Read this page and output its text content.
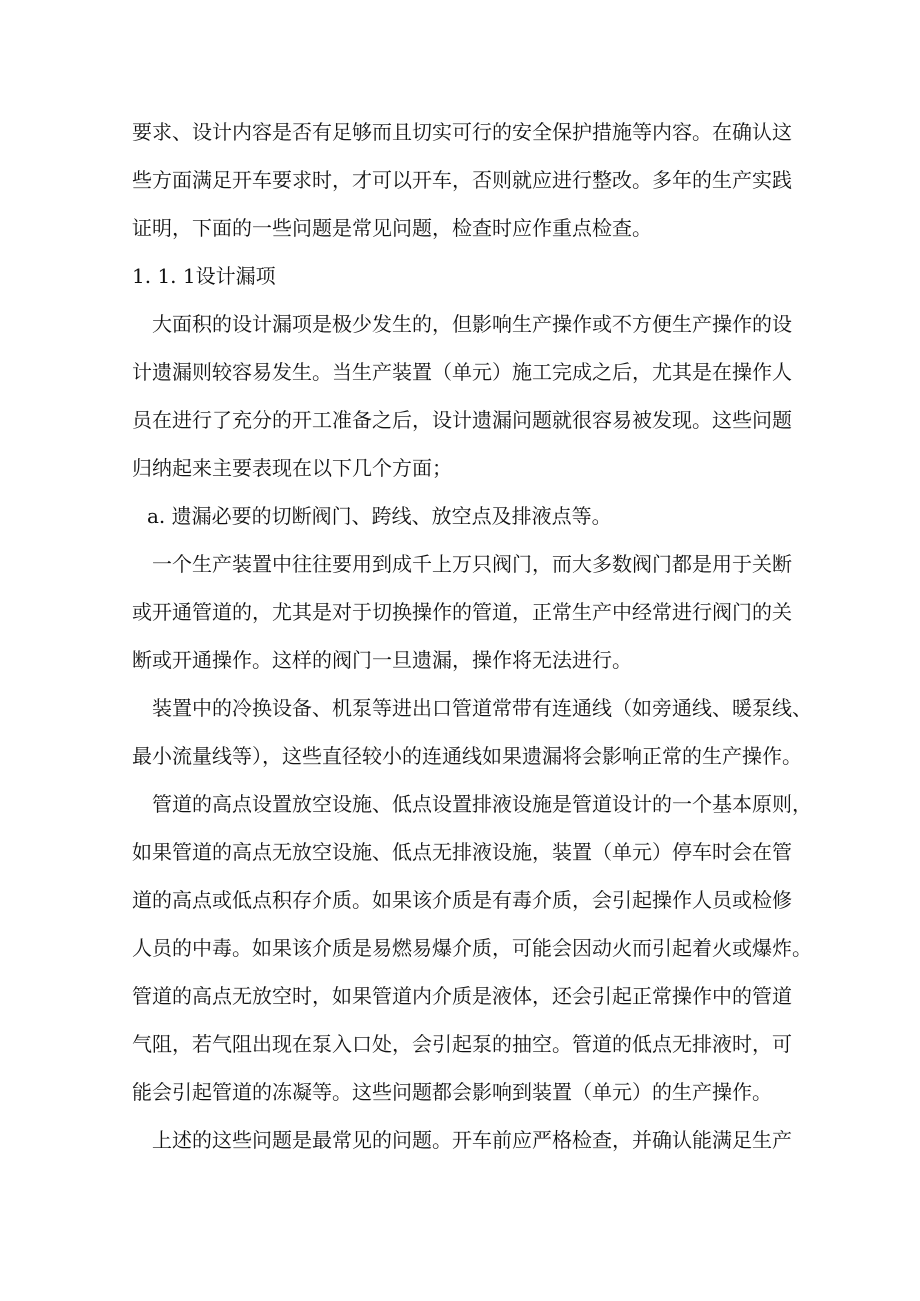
要求、设计内容是否有足够而且切实可行的安全保护措施等内容。在确认这
些方面满足开车要求时，才可以开车，否则就应进行整改。多年的生产实践
证明，下面的一些问题是常见问题，检查时应作重点检查。
1. 1. 1设计漏项
大面积的设计漏项是极少发生的，但影响生产操作或不方便生产操作的设
计遗漏则较容易发生。当生产装置（单元）施工完成之后，尤其是在操作人
员在进行了充分的开工准备之后，设计遗漏问题就很容易被发现。这些问题
归纳起来主要表现在以下几个方面；
a. 遗漏必要的切断阀门、跨线、放空点及排液点等。
一个生产装置中往往要用到成千上万只阀门，而大多数阀门都是用于关断
或开通管道的，尤其是对于切换操作的管道，正常生产中经常进行阀门的关
断或开通操作。这样的阀门一旦遗漏，操作将无法进行。
装置中的冷换设备、机泵等进出口管道常带有连通线（如旁通线、暖泵线、
最小流量线等），这些直径较小的连通线如果遗漏将会影响正常的生产操作。
管道的高点设置放空设施、低点设置排液设施是管道设计的一个基本原则，
如果管道的高点无放空设施、低点无排液设施，装置（单元）停车时会在管
道的高点或低点积存介质。如果该介质是有毒介质，会引起操作人员或检修
人员的中毒。如果该介质是易燃易爆介质，可能会因动火而引起着火或爆炸。
管道的高点无放空时，如果管道内介质是液体，还会引起正常操作中的管道
气阻，若气阻出现在泵入口处，会引起泵的抽空。管道的低点无排液时，可
能会引起管道的冻凝等。这些问题都会影响到装置（单元）的生产操作。
上述的这些问题是最常见的问题。开车前应严格检查，并确认能满足生产
